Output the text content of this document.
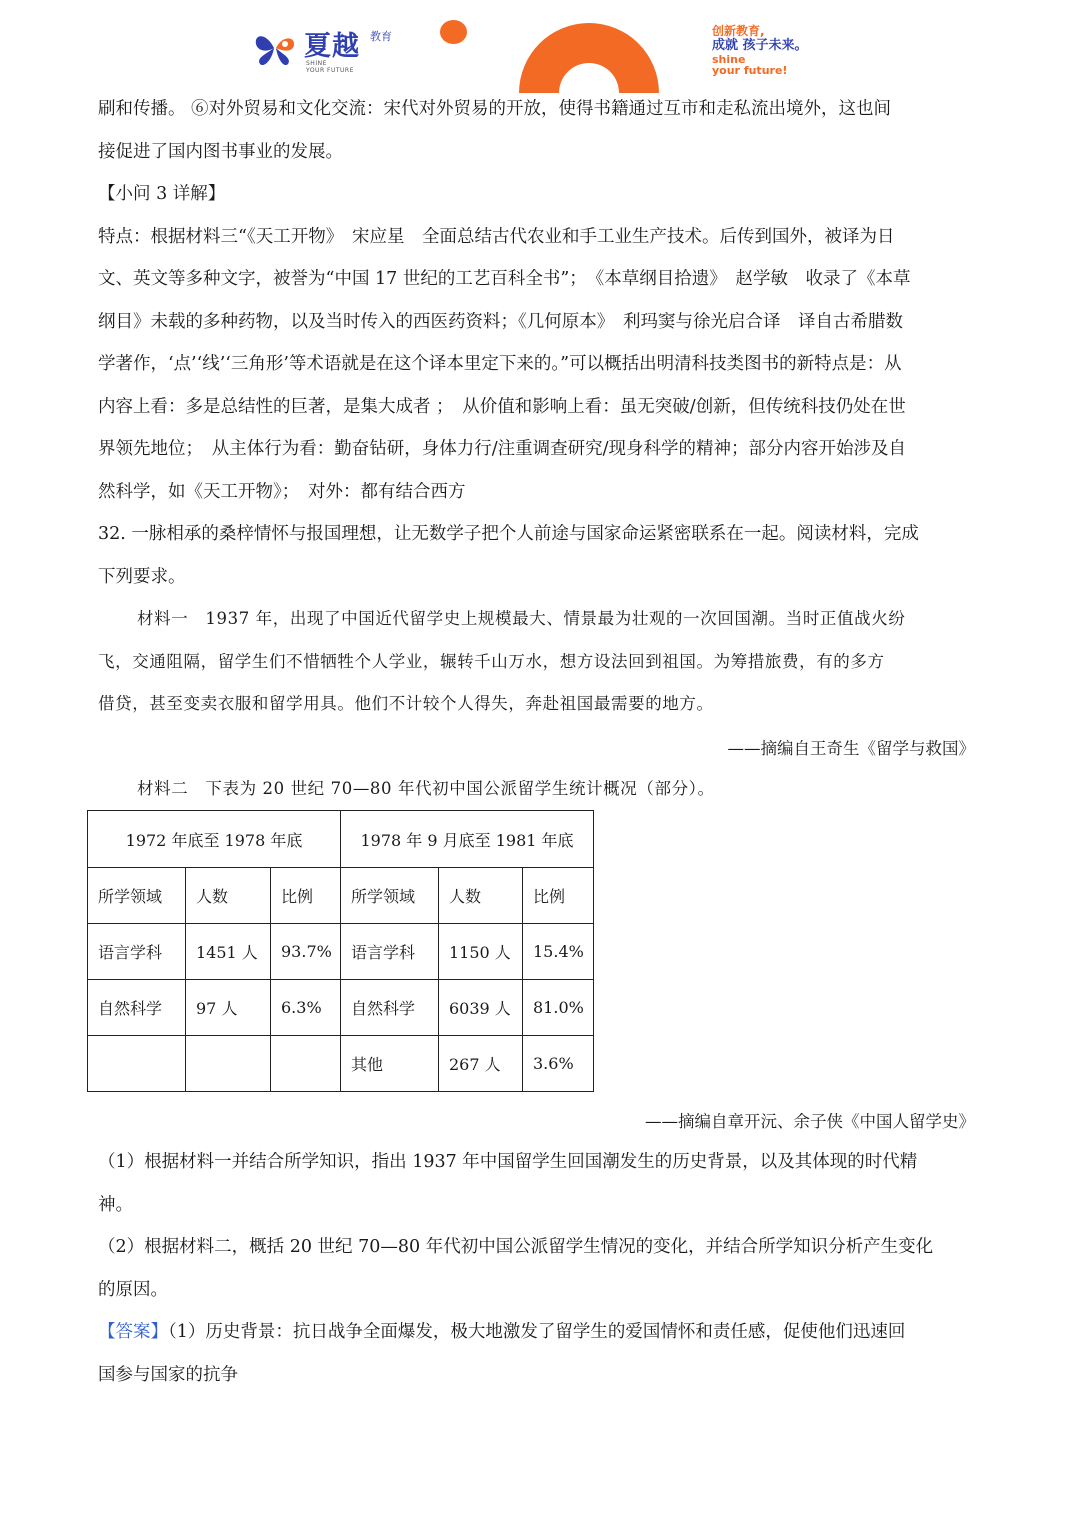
夏越 教育
SHINE
YOUR FUTURE
创新教育,
成就 孩子未来。
shine
your future!
刷和传播。 ⑥对外贸易和文化交流：宋代对外贸易的开放，使得书籍通过互市和走私流出境外，这也间
接促进了国内图书事业的发展。
【小问 3 详解】
特点：根据材料三“《天工开物》　宋应星　全面总结古代农业和手工业生产技术。后传到国外，被译为日
文、英文等多种文字，被誉为“中国 17 世纪的工艺百科全书”；　《本草纲目拾遗》　赵学敏　收录了《本草
纲目》未载的多种药物，以及当时传入的西医药资料；《几何原本》　利玛窦与徐光启合译　译自古希腊数
学著作，‘点’‘线’‘三角形’等术语就是在这个译本里定下来的。”可以概括出明清科技类图书的新特点是：从
内容上看：多是总结性的巨著，是集大成者 ；　从价值和影响上看：虽无突破/创新，但传统科技仍处在世
界领先地位；　从主体行为看：勤奋钻研，身体力行/注重调查研究/现身科学的精神；部分内容开始涉及自
然科学，如《天工开物》；　对外：都有结合西方
32. 一脉相承的桑梓情怀与报国理想，让无数学子把个人前途与国家命运紧密联系在一起。阅读材料，完成
下列要求。
材料一　1937 年，出现了中国近代留学史上规模最大、情景最为壮观的一次回国潮。当时正值战火纷
飞，交通阻隔，留学生们不惜牺牲个人学业，辗转千山万水，想方设法回到祖国。为筹措旅费，有的多方
借贷，甚至变卖衣服和留学用具。他们不计较个人得失，奔赴祖国最需要的地方。
——摘编自王奇生《留学与救国》
材料二　下表为 20 世纪 70—80 年代初中国公派留学生统计概况（部分）。
1972 年底至 1978 年底			1978 年 9 月底至 1981 年底		
所学领域	人数	比例	所学领域	人数	比例
语言学科	1451 人	93.7%	语言学科	1150 人	15.4%
自然科学	97 人	6.3%	自然科学	6039 人	81.0%
			其他	267 人	3.6%
——摘编自章开沅、余子侠《中国人留学史》
（1）根据材料一并结合所学知识，指出 1937 年中国留学生回国潮发生的历史背景，以及其体现的时代精
神。
（2）根据材料二，概括 20 世纪 70—80 年代初中国公派留学生情况的变化，并结合所学知识分析产生变化
的原因。
【答案】（1）历史背景：抗日战争全面爆发，极大地激发了留学生的爱国情怀和责任感，促使他们迅速回
国参与国家的抗争
